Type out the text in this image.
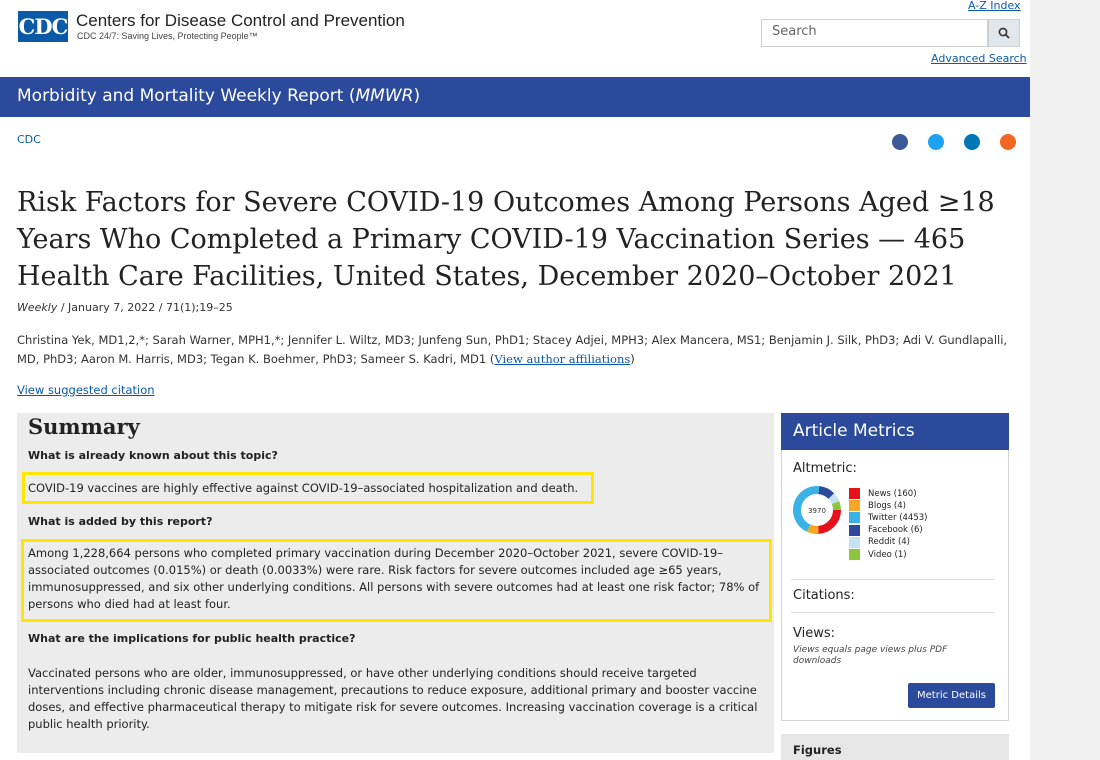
A-Z Index
CDC Centers for Disease Control and Prevention
CDC 24/7: Saving Lives, Protecting People™	Search
Advanced Search
Morbidity and Mortality Weekly Report (MMWR)
CDC
Risk Factors for Severe COVID-19 Outcomes Among Persons Aged ≥18 Years Who Completed a Primary COVID-19 Vaccination Series — 465 Health Care Facilities, United States, December 2020–October 2021
Weekly / January 7, 2022 / 71(1);19–25
Christina Yek, MD1,2,*; Sarah Warner, MPH1,*; Jennifer L. Wiltz, MD3; Junfeng Sun, PhD1; Stacey Adjei, MPH3; Alex Mancera, MS1; Benjamin J. Silk, PhD3; Adi V. Gundlapalli, MD, PhD3; Aaron M. Harris, MD3; Tegan K. Boehmer, PhD3; Sameer S. Kadri, MD1 (View author affiliations)
View suggested citation
Summary
What is already known about this topic?
COVID-19 vaccines are highly effective against COVID-19–associated hospitalization and death.
What is added by this report?
Among 1,228,664 persons who completed primary vaccination during December 2020–October 2021, severe COVID-19–associated outcomes (0.015%) or death (0.0033%) were rare. Risk factors for severe outcomes included age ≥65 years, immunosuppressed, and six other underlying conditions. All persons with severe outcomes had at least one risk factor; 78% of persons who died had at least four.
What are the implications for public health practice?
Vaccinated persons who are older, immunosuppressed, or have other underlying conditions should receive targeted interventions including chronic disease management, precautions to reduce exposure, additional primary and booster vaccine doses, and effective pharmaceutical therapy to mitigate risk for severe outcomes. Increasing vaccination coverage is a critical public health priority.
Article Metrics
Altmetric:
3970
News (160)
Blogs (4)
Twitter (4453)
Facebook (6)
Reddit (4)
Video (1)
Citations:
Views:
Views equals page views plus PDF downloads
Metric Details
Figures
